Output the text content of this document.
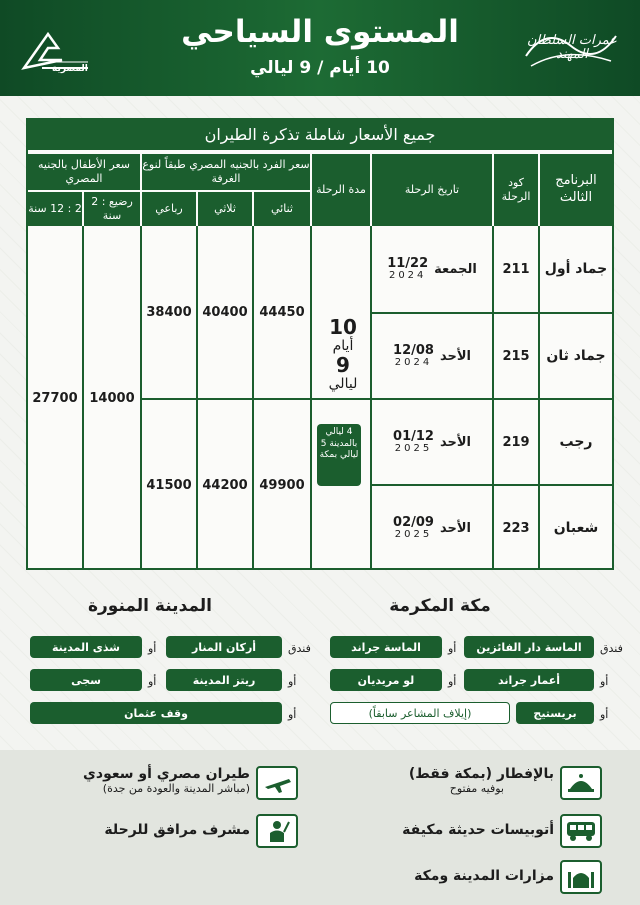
المصرية
المستوى السياحي
10 أيام / 9 ليالي
عمرات السلطان المهند
جميع الأسعار شاملة تذكرة الطيران
البرنامج الثالث
كود الرحلة
تاريخ الرحلة
مدة الرحلة
سعر الفرد بالجنيه المصري طبقاً لنوع الغرفة
ثنائي
ثلاثي
رباعي
سعر الأطفال بالجنيه المصري
رضيع : 2 سنة
2 : 12 سنة
جماد أول
211
الجمعة
11/22
2024
جماد ثان
215
الأحد
12/08
2024
رجب
219
الأحد
01/12
2025
شعبان
223
الأحد
02/09
2025
10
أيام
9
ليالي
4 ليالي بالمدينة 5 ليالي بمكة
44450
40400
38400
49900
44200
41500
14000
27700
مكة المكرمة
المدينة المنورة
فندق
الماسة دار الفائزين
أو
الماسة جراند
أو
أعمار جراند
أو
لو مريديان
أو
بريستيج
(إيلاف المشاعر سابقاً)
فندق
أركان المنار
أو
شذى المدينة
أو
ريتز المدينة
أو
سجى
أو
وقف عثمان
بالإفطار (بمكة فقط)
بوفيه مفتوح
أتوبيسات حديثة مكيفة
مزارات المدينة ومكة
طيران مصري أو سعودي
(مباشر المدينة والعودة من جدة)
مشرف مرافق للرحلة
